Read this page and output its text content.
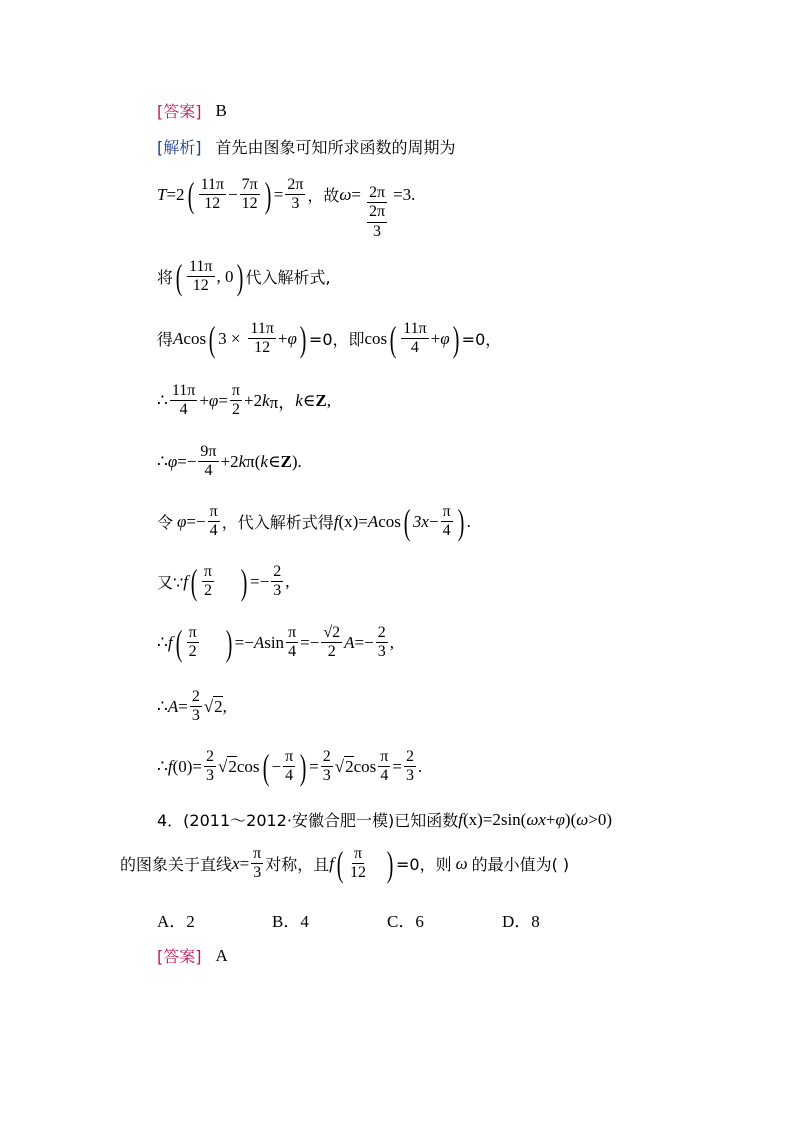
[答案] B
[解析] 首先由图象可知所求函数的周期为
T =2 ( $\frac{11\pi}{12} - \frac{7\pi}{12}$ ) = $\frac{2\pi}{3}$ ，故 $\omega = \frac{2\pi}{\frac{2\pi}{3}} =3$.
将 ( $\frac{11\pi}{12}$ , 0 ) 代入解析式,
得 A cos ( $3 \times \frac{11\pi}{12} + \varphi$ ) =0，即 cos ( $\frac{11\pi}{4} + \varphi$ ) =0，
∴ $\frac{11\pi}{4} + \varphi = \frac{\pi}{2} +2$ k π， k ∈ Z ,
∴ $\varphi =- \frac{9\pi}{4} +2$ k π( k ∈ Z ).
令 $\varphi =- \frac{\pi}{4}$ ，代入解析式得 f (x)= A cos ( $3x - \frac{\pi}{4}$ ) .
又∵ f ( $\frac{\pi}{2}$ ) =− $\frac{2}{3}$ ,
∴ f ( $\frac{\pi}{2}$ ) =− A $\sin \frac{\pi}{4} =- \frac{√2}{2}$ $A =- \frac{2}{3}$ ,
∴ $A = \frac{2}{3}$ √ 2 ,
∴ f $(0)= \frac{2}{3}$ √ 2 cos ( − $\frac{\pi}{4}$ ) = $\frac{2}{3}$ √ 2 $\cos \frac{\pi}{4} = \frac{2}{3}$ .
4．(2011～2012·安徽合肥一模)已知函数 f (x)=2sin( ω x + φ )( ω >0)
的图象关于直线 $x = \frac{\pi}{3}$ 对称，且 f ( $\frac{\pi}{12}$ ) =0，则 ω 的最小值为( )
A．2	B．4	C．6	D．8
[答案] A
